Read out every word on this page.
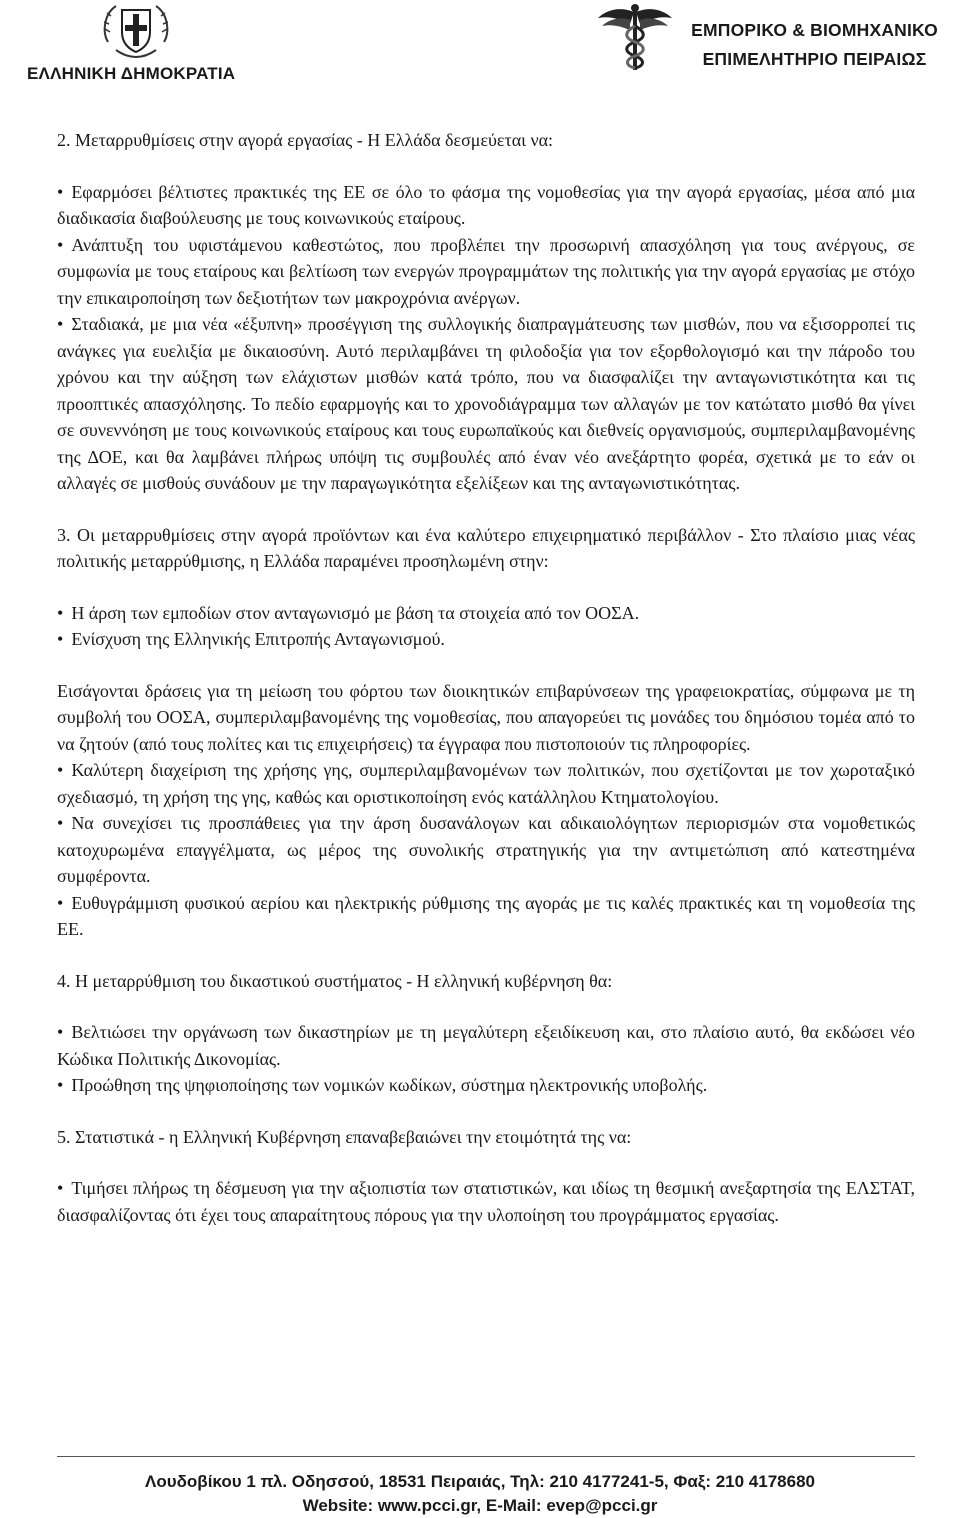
ΕΛΛΗΝΙΚΗ ΔΗΜΟΚΡΑΤΙΑ
ΕΜΠΟΡΙΚΟ & ΒΙΟΜΗΧΑΝΙΚΟ
ΕΠΙΜΕΛΗΤΗΡΙΟ ΠΕΙΡΑΙΩΣ

2. Μεταρρυθμίσεις στην αγορά εργασίας - Η Ελλάδα δεσμεύεται να:

• Εφαρμόσει βέλτιστες πρακτικές της ΕΕ σε όλο το φάσμα της νομοθεσίας για την αγορά εργασίας, μέσα από μια διαδικασία διαβούλευσης με τους κοινωνικούς εταίρους.
• Ανάπτυξη του υφιστάμενου καθεστώτος, που προβλέπει την προσωρινή απασχόληση για τους ανέργους, σε συμφωνία με τους εταίρους και βελτίωση των ενεργών προγραμμάτων της πολιτικής για την αγορά εργασίας με στόχο την επικαιροποίηση των δεξιοτήτων των μακροχρόνια ανέργων.
• Σταδιακά, με μια νέα «έξυπνη» προσέγγιση της συλλογικής διαπραγμάτευσης των μισθών, που να εξισορροπεί τις ανάγκες για ευελιξία με δικαιοσύνη. Αυτό περιλαμβάνει τη φιλοδοξία για τον εξορθολογισμό και την πάροδο του χρόνου και την αύξηση των ελάχιστων μισθών κατά τρόπο, που να διασφαλίζει την ανταγωνιστικότητα και τις προοπτικές απασχόλησης. Το πεδίο εφαρμογής και το χρονοδιάγραμμα των αλλαγών με τον κατώτατο μισθό θα γίνει σε συνεννόηση με τους κοινωνικούς εταίρους και τους ευρωπαϊκούς και διεθνείς οργανισμούς, συμπεριλαμβανομένης της ΔΟΕ, και θα λαμβάνει πλήρως υπόψη τις συμβουλές από έναν νέο ανεξάρτητο φορέα, σχετικά με το εάν οι αλλαγές σε μισθούς συνάδουν με την παραγωγικότητα εξελίξεων και της ανταγωνιστικότητας.

3. Οι μεταρρυθμίσεις στην αγορά προϊόντων και ένα καλύτερο επιχειρηματικό περιβάλλον - Στο πλαίσιο μιας νέας πολιτικής μεταρρύθμισης, η Ελλάδα παραμένει προσηλωμένη στην:

• Η άρση των εμποδίων στον ανταγωνισμό με βάση τα στοιχεία από τον ΟΟΣΑ.
• Ενίσχυση της Ελληνικής Επιτροπής Ανταγωνισμού.

Εισάγονται δράσεις για τη μείωση του φόρτου των διοικητικών επιβαρύνσεων της γραφειοκρατίας, σύμφωνα με τη συμβολή του ΟΟΣΑ, συμπεριλαμβανομένης της νομοθεσίας, που απαγορεύει τις μονάδες του δημόσιου τομέα από το να ζητούν (από τους πολίτες και τις επιχειρήσεις) τα έγγραφα που πιστοποιούν τις πληροφορίες.

• Καλύτερη διαχείριση της χρήσης γης, συμπεριλαμβανομένων των πολιτικών, που σχετίζονται με τον χωροταξικό σχεδιασμό, τη χρήση της γης, καθώς και οριστικοποίηση ενός κατάλληλου Κτηματολογίου.
• Να συνεχίσει τις προσπάθειες για την άρση δυσανάλογων και αδικαιολόγητων περιορισμών στα νομοθετικώς κατοχυρωμένα επαγγέλματα, ως μέρος της συνολικής στρατηγικής για την αντιμετώπιση από κατεστημένα συμφέροντα.
• Ευθυγράμμιση φυσικού αερίου και ηλεκτρικής ρύθμισης της αγοράς με τις καλές πρακτικές και τη νομοθεσία της ΕΕ.

4. Η μεταρρύθμιση του δικαστικού συστήματος - Η ελληνική κυβέρνηση θα:

• Βελτιώσει την οργάνωση των δικαστηρίων με τη μεγαλύτερη εξειδίκευση και, στο πλαίσιο αυτό, θα εκδώσει νέο Κώδικα Πολιτικής Δικονομίας.
• Προώθηση της ψηφιοποίησης των νομικών κωδίκων, σύστημα ηλεκτρονικής υποβολής.

5. Στατιστικά - η Ελληνική Κυβέρνηση επαναβεβαιώνει την ετοιμότητά της να:

• Τιμήσει πλήρως τη δέσμευση για την αξιοπιστία των στατιστικών, και ιδίως τη θεσμική ανεξαρτησία της ΕΛΣΤΑΤ, διασφαλίζοντας ότι έχει τους απαραίτητους πόρους για την υλοποίηση του προγράμματος εργασίας.
Λουδοβίκου 1 πλ. Οδησσού, 18531 Πειραιάς, Τηλ: 210 4177241-5, Φαξ: 210 4178680
Website: www.pcci.gr, E-Mail: evep@pcci.gr
